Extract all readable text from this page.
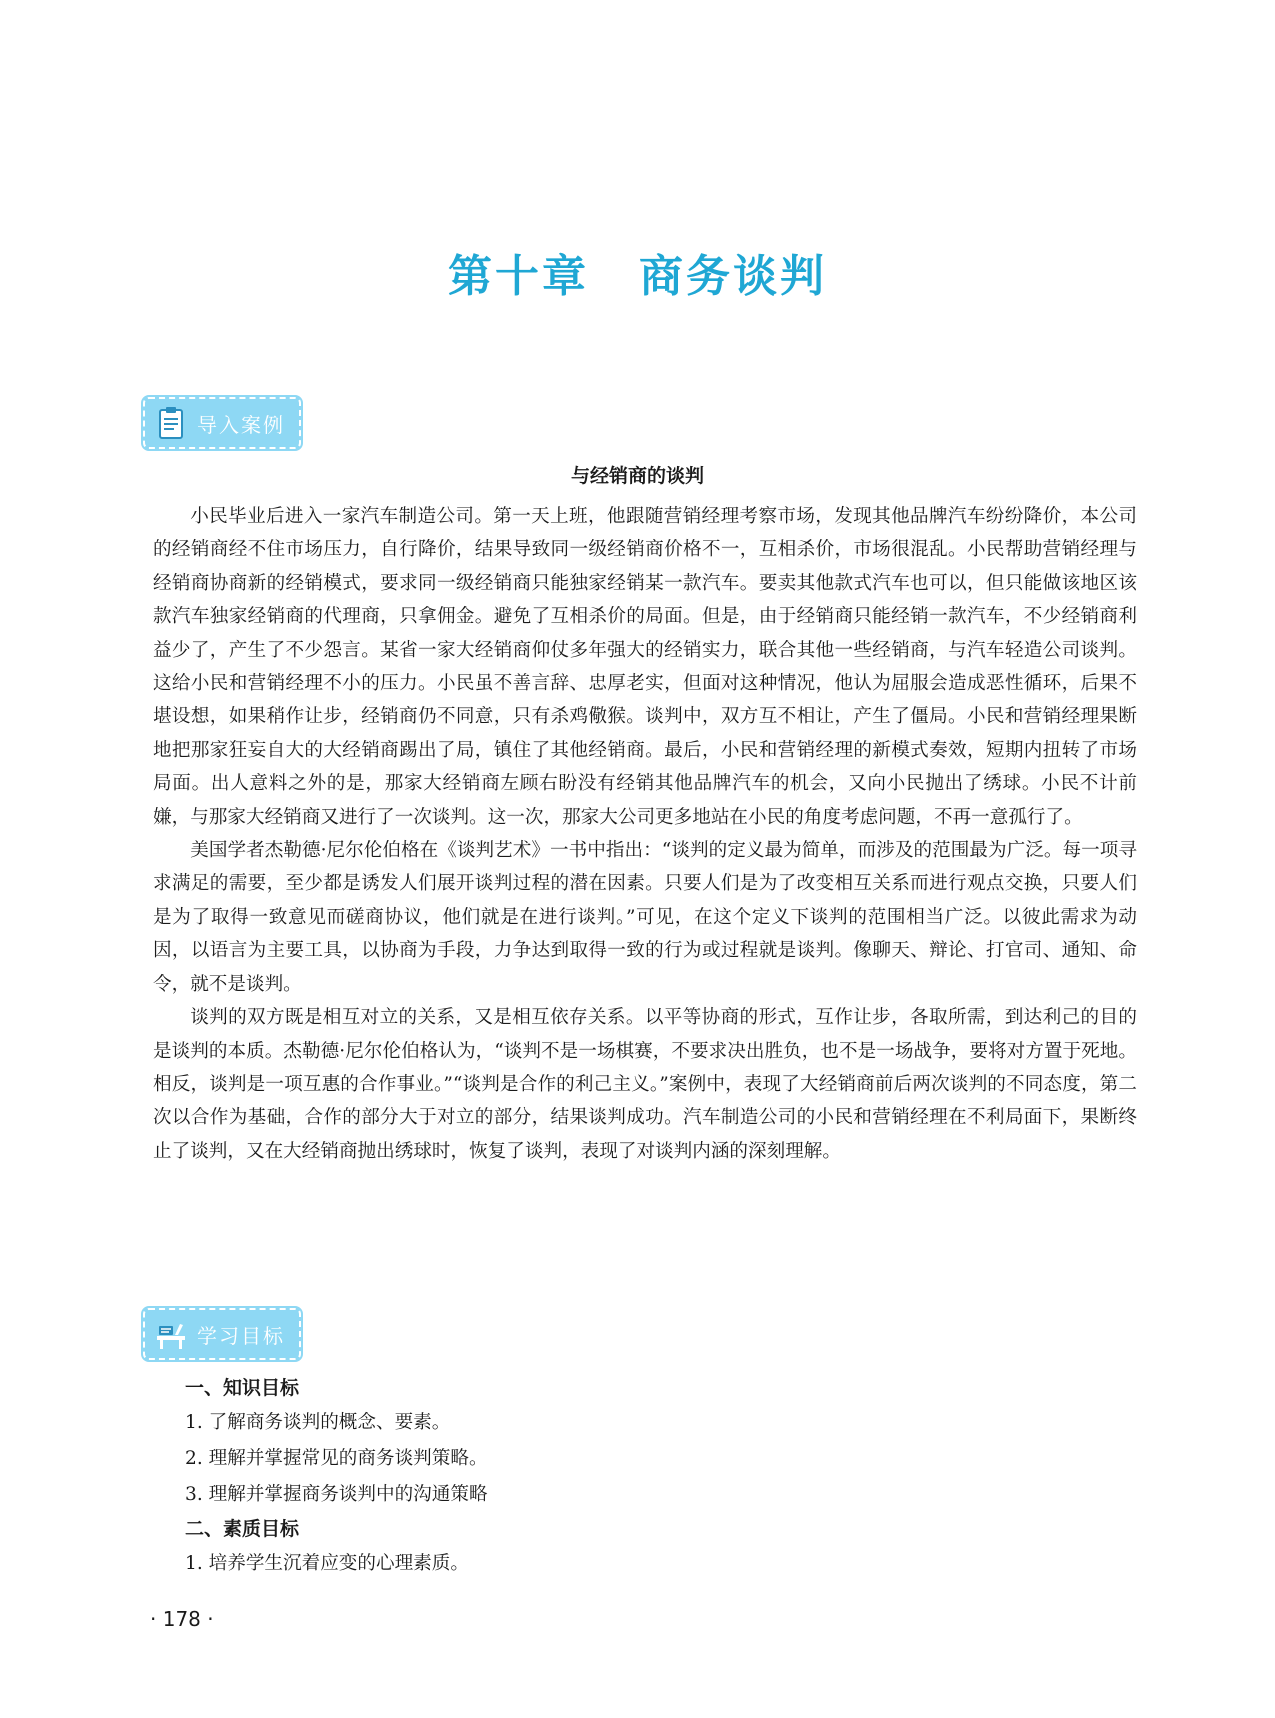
第十章 商务谈判
导入案例
与经销商的谈判

小民毕业后进入一家汽车制造公司。第一天上班，他跟随营销经理考察市场，发现其他品牌汽车纷纷降价，本公司的经销商经不住市场压力，自行降价，结果导致同一级经销商价格不一，互相杀价，市场很混乱。小民帮助营销经理与经销商协商新的经销模式，要求同一级经销商只能独家经销某一款汽车。要卖其他款式汽车也可以，但只能做该地区该款汽车独家经销商的代理商，只拿佣金。避免了互相杀价的局面。但是，由于经销商只能经销一款汽车，不少经销商利益少了，产生了不少怨言。某省一家大经销商仰仗多年强大的经销实力，联合其他一些经销商，与汽车轻造公司谈判。这给小民和营销经理不小的压力。小民虽不善言辞、忠厚老实，但面对这种情况，他认为屈服会造成恶性循环，后果不堪设想，如果稍作让步，经销商仍不同意，只有杀鸡儆猴。谈判中，双方互不相让，产生了僵局。小民和营销经理果断地把那家狂妄自大的大经销商踢出了局，镇住了其他经销商。最后，小民和营销经理的新模式奏效，短期内扭转了市场局面。出人意料之外的是，那家大经销商左顾右盼没有经销其他品牌汽车的机会，又向小民抛出了绣球。小民不计前嫌，与那家大经销商又进行了一次谈判。这一次，那家大公司更多地站在小民的角度考虑问题，不再一意孤行了。

美国学者杰勒德·尼尔伦伯格在《谈判艺术》一书中指出：“谈判的定义最为简单，而涉及的范围最为广泛。每一项寻求满足的需要，至少都是诱发人们展开谈判过程的潜在因素。只要人们是为了改变相互关系而进行观点交换，只要人们是为了取得一致意见而磋商协议，他们就是在进行谈判。”可见，在这个定义下谈判的范围相当广泛。以彼此需求为动因，以语言为主要工具，以协商为手段，力争达到取得一致的行为或过程就是谈判。像聊天、辩论、打官司、通知、命令，就不是谈判。

谈判的双方既是相互对立的关系，又是相互依存关系。以平等协商的形式，互作让步，各取所需，到达利己的目的是谈判的本质。杰勒德·尼尔伦伯格认为，“谈判不是一场棋赛，不要求决出胜负，也不是一场战争，要将对方置于死地。相反，谈判是一项互惠的合作事业。”“谈判是合作的利己主义。”案例中，表现了大经销商前后两次谈判的不同态度，第二次以合作为基础，合作的部分大于对立的部分，结果谈判成功。汽车制造公司的小民和营销经理在不利局面下，果断终止了谈判，又在大经销商抛出绣球时，恢复了谈判，表现了对谈判内涵的深刻理解。

学习目标
一、知识目标
1. 了解商务谈判的概念、要素。
2. 理解并掌握常见的商务谈判策略。
3. 理解并掌握商务谈判中的沟通策略
二、素质目标
1. 培养学生沉着应变的心理素质。
· 178 ·
